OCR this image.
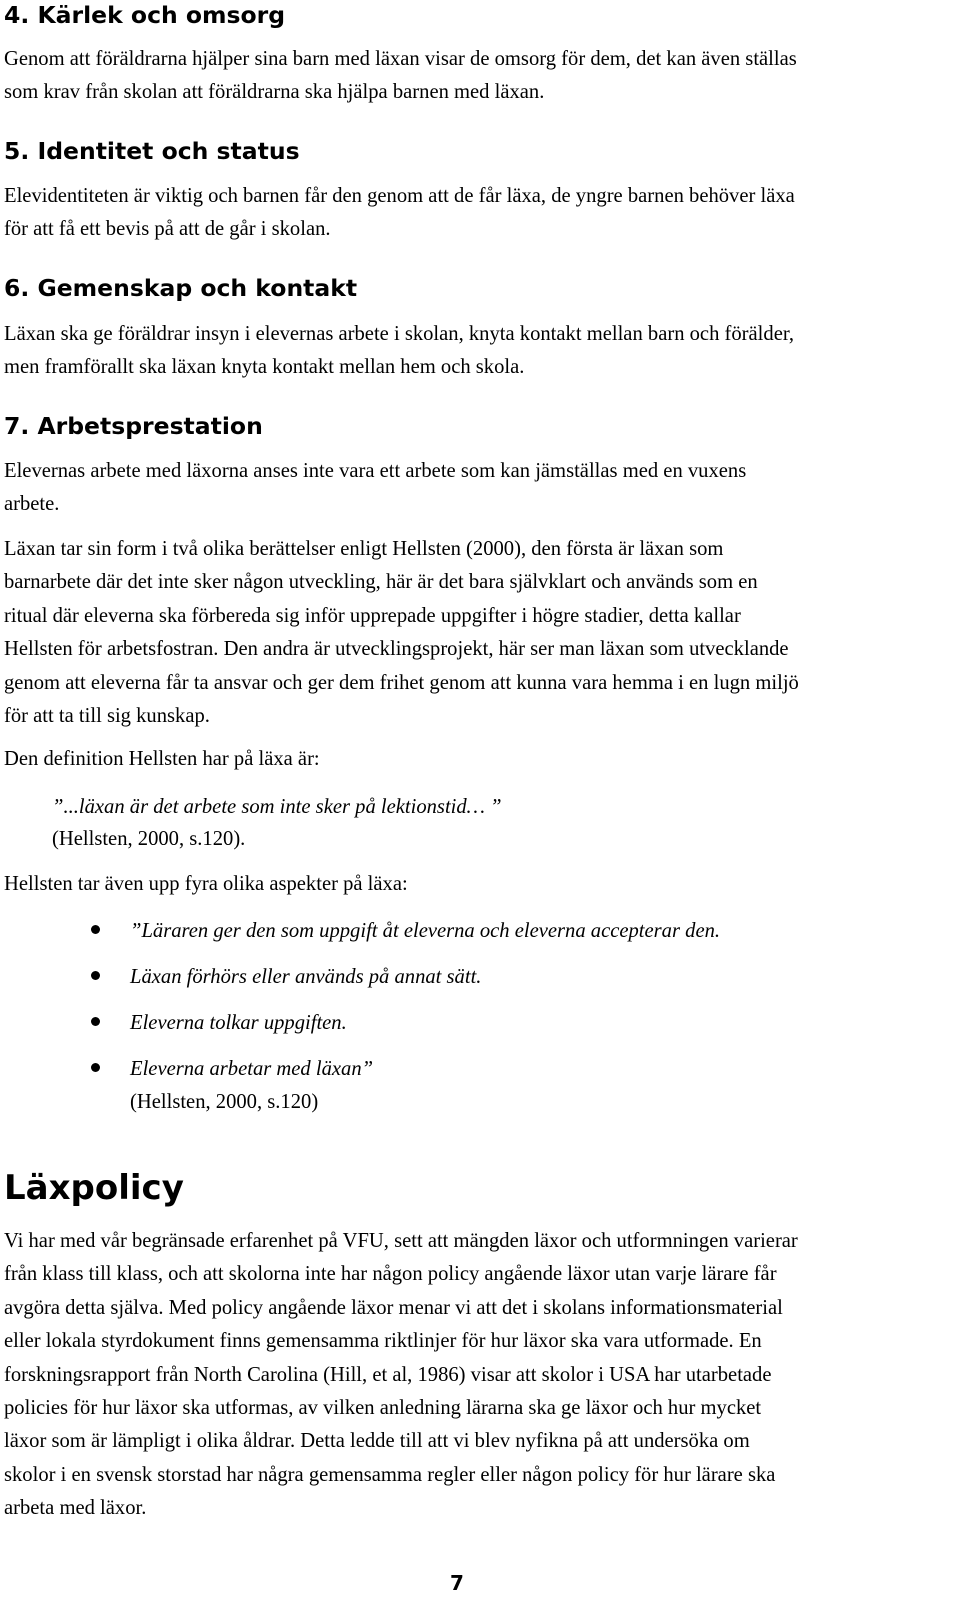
4. Kärlek och omsorg

Genom att föräldrarna hjälper sina barn med läxan visar de omsorg för dem, det kan även ställas
som krav från skolan att föräldrarna ska hjälpa barnen med läxan.

5. Identitet och status

Elevidentiteten är viktig och barnen får den genom att de får läxa, de yngre barnen behöver läxa
för att få ett bevis på att de går i skolan.

6. Gemenskap och kontakt

Läxan ska ge föräldrar insyn i elevernas arbete i skolan, knyta kontakt mellan barn och förälder,
men framförallt ska läxan knyta kontakt mellan hem och skola.

7. Arbetsprestation

Elevernas arbete med läxorna anses inte vara ett arbete som kan jämställas med en vuxens
arbete.

Läxan tar sin form i två olika berättelser enligt Hellsten (2000), den första är läxan som
barnarbete där det inte sker någon utveckling, här är det bara självklart och används som en
ritual där eleverna ska förbereda sig inför upprepade uppgifter i högre stadier, detta kallar
Hellsten för arbetsfostran. Den andra är utvecklingsprojekt, här ser man läxan som utvecklande
genom att eleverna får ta ansvar och ger dem frihet genom att kunna vara hemma i en lugn miljö
för att ta till sig kunskap.

Den definition Hellsten har på läxa är:

”...läxan är det arbete som inte sker på lektionstid… ”
(Hellsten, 2000, s.120).

Hellsten tar även upp fyra olika aspekter på läxa:

”Läraren ger den som uppgift åt eleverna och eleverna accepterar den.
Läxan förhörs eller används på annat sätt.
Eleverna tolkar uppgiften.
Eleverna arbetar med läxan”
(Hellsten, 2000, s.120)
Läxpolicy

Vi har med vår begränsade erfarenhet på VFU, sett att mängden läxor och utformningen varierar
från klass till klass, och att skolorna inte har någon policy angående läxor utan varje lärare får
avgöra detta själva. Med policy angående läxor menar vi att det i skolans informationsmaterial
eller lokala styrdokument finns gemensamma riktlinjer för hur läxor ska vara utformade. En
forskningsrapport från North Carolina (Hill, et al, 1986) visar att skolor i USA har utarbetade
policies för hur läxor ska utformas, av vilken anledning lärarna ska ge läxor och hur mycket
läxor som är lämpligt i olika åldrar. Detta ledde till att vi blev nyfikna på att undersöka om
skolor i en svensk storstad har några gemensamma regler eller någon policy för hur lärare ska
arbeta med läxor.

7
